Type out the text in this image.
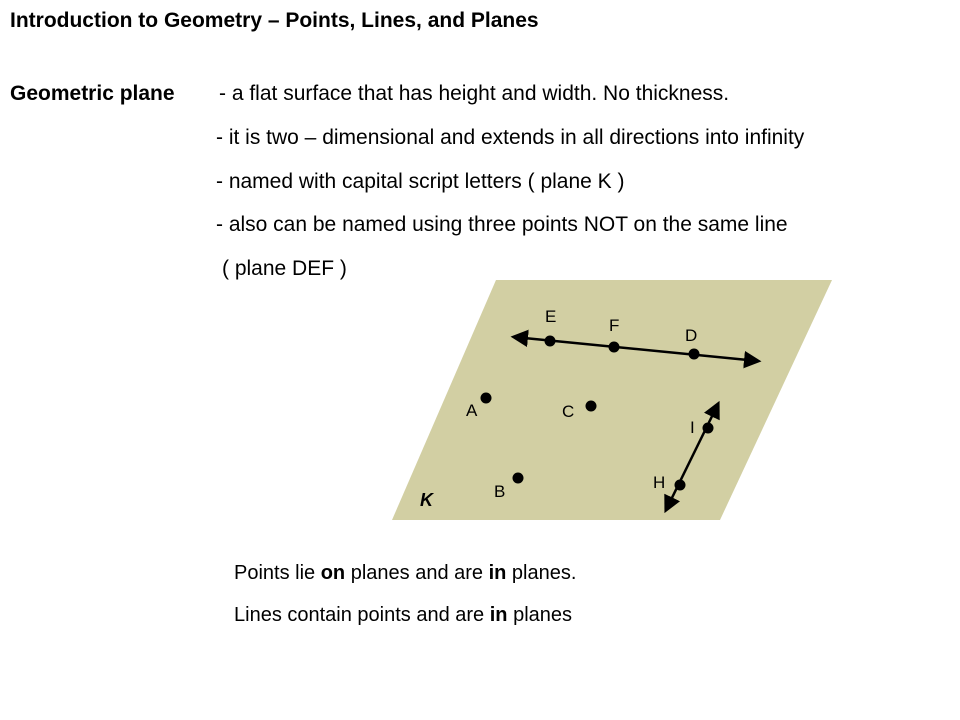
Introduction to Geometry – Points, Lines, and Planes
Geometric plane - a flat surface that has height and width. No thickness.
- it is two – dimensional and extends in all directions into infinity
- named with capital script letters ( plane K )
- also can be named using three points NOT on the same line
( plane DEF )
E	F
D
A	C
I
H
B
K
Points lie on planes and are in planes.
Lines contain points and are in planes
